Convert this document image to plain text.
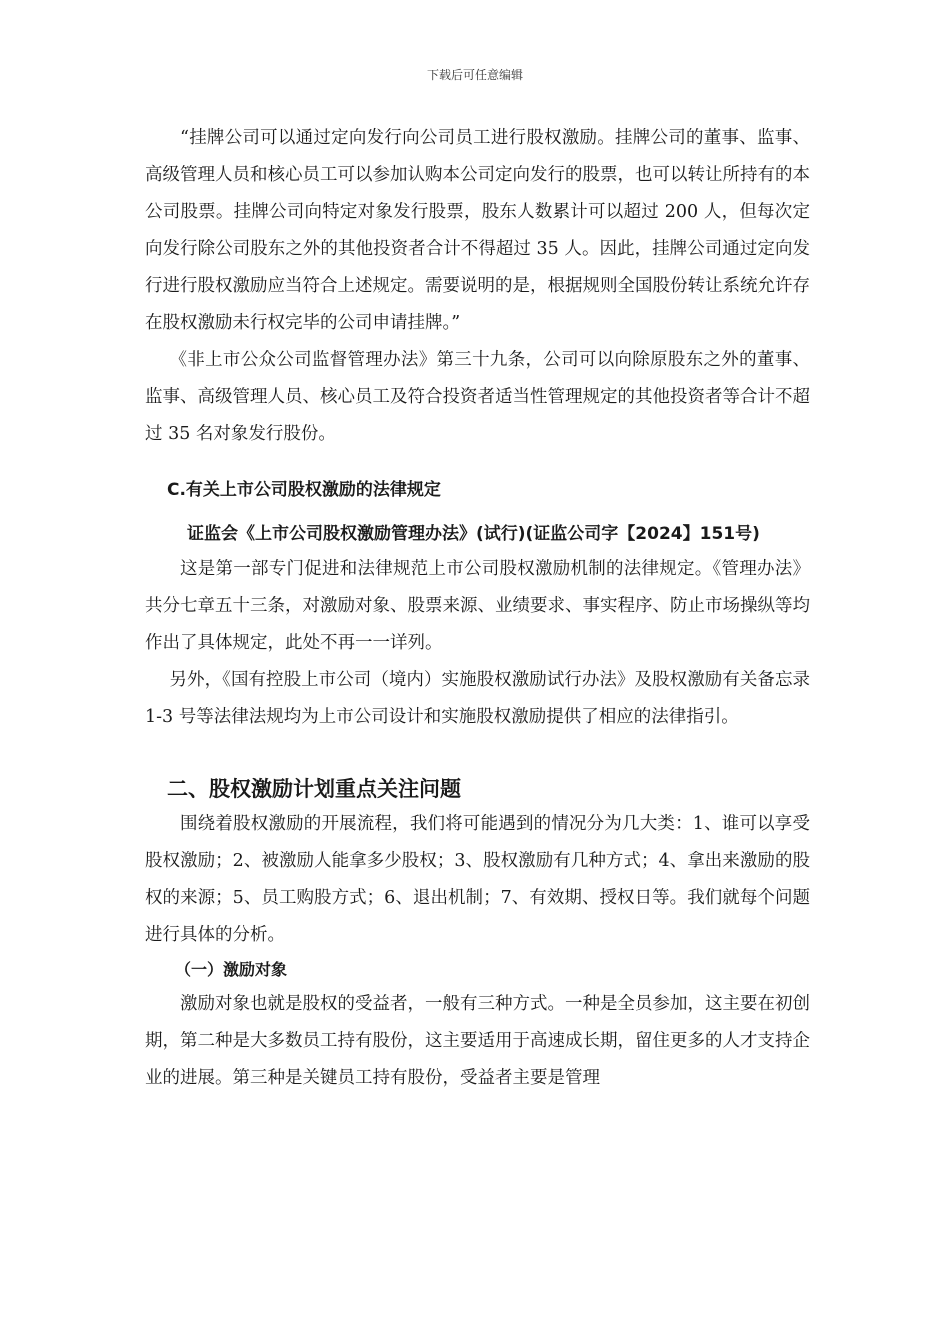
下载后可任意编辑

“挂牌公司可以通过定向发行向公司员工进行股权激励。挂牌公司的董事、监事、高级管理人员和核心员工可以参加认购本公司定向发行的股票，也可以转让所持有的本公司股票。挂牌公司向特定对象发行股票，股东人数累计可以超过 200 人，但每次定向发行除公司股东之外的其他投资者合计不得超过 35 人。因此，挂牌公司通过定向发行进行股权激励应当符合上述规定。需要说明的是，根据规则全国股份转让系统允许存在股权激励未行权完毕的公司申请挂牌。”

《非上市公众公司监督管理办法》第三十九条，公司可以向除原股东之外的董事、监事、高级管理人员、核心员工及符合投资者适当性管理规定的其他投资者等合计不超过 35 名对象发行股份。

C.有关上市公司股权激励的法律规定

证监会《上市公司股权激励管理办法》(试行)(证监公司字【2024】151号)

这是第一部专门促进和法律规范上市公司股权激励机制的法律规定。《管理办法》共分七章五十三条，对激励对象、股票来源、业绩要求、事实程序、防止市场操纵等均作出了具体规定，此处不再一一详列。

另外，《国有控股上市公司（境内）实施股权激励试行办法》及股权激励有关备忘录 1-3 号等法律法规均为上市公司设计和实施股权激励提供了相应的法律指引。

二、股权激励计划重点关注问题

围绕着股权激励的开展流程，我们将可能遇到的情况分为几大类：1、谁可以享受股权激励；2、被激励人能拿多少股权；3、股权激励有几种方式；4、拿出来激励的股权的来源；5、员工购股方式；6、退出机制；7、有效期、授权日等。我们就每个问题进行具体的分析。

（一）激励对象

激励对象也就是股权的受益者，一般有三种方式。一种是全员参加，这主要在初创期，第二种是大多数员工持有股份，这主要适用于高速成长期，留住更多的人才支持企业的进展。第三种是关键员工持有股份，受益者主要是管理
